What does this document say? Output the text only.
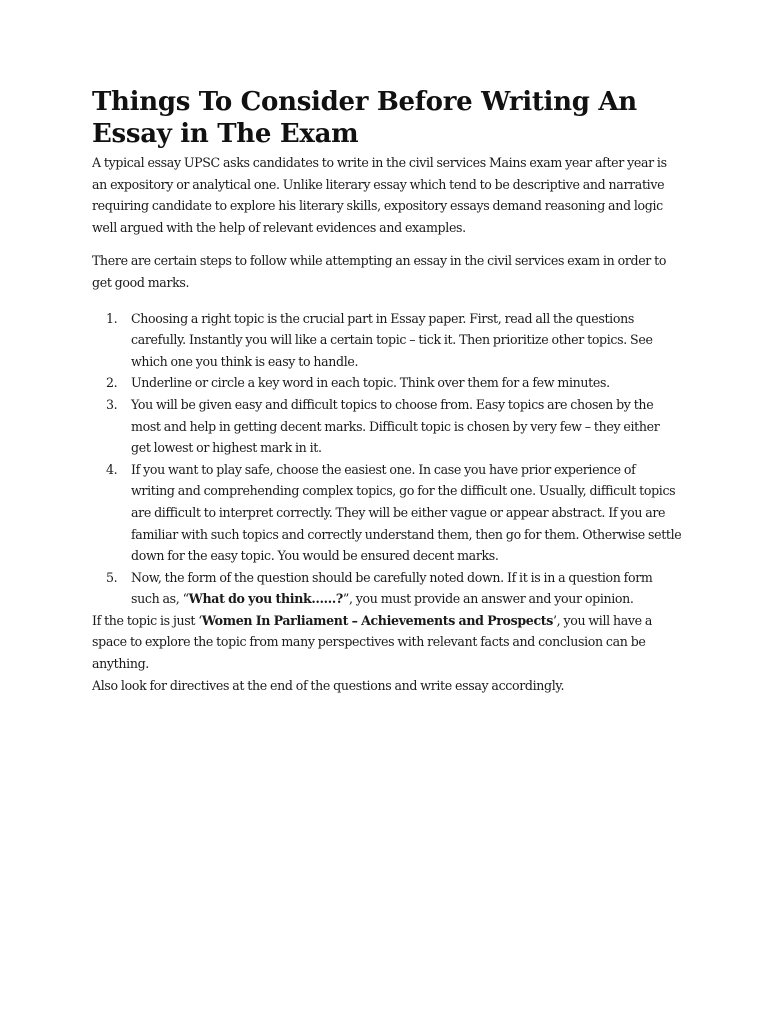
Things To Consider Before Writing An Essay in The Exam

A typical essay UPSC asks candidates to write in the civil services Mains exam year after year is an expository or analytical one. Unlike literary essay which tend to be descriptive and narrative requiring candidate to explore his literary skills, expository essays demand reasoning and logic well argued with the help of relevant evidences and examples.

There are certain steps to follow while attempting an essay in the civil services exam in order to get good marks.

1. Choosing a right topic is the crucial part in Essay paper. First, read all the questions carefully. Instantly you will like a certain topic – tick it. Then prioritize other topics. See which one you think is easy to handle.
2. Underline or circle a key word in each topic. Think over them for a few minutes.
3. You will be given easy and difficult topics to choose from. Easy topics are chosen by the most and help in getting decent marks. Difficult topic is chosen by very few – they either get lowest or highest mark in it.
4. If you want to play safe, choose the easiest one. In case you have prior experience of writing and comprehending complex topics, go for the difficult one. Usually, difficult topics are difficult to interpret correctly. They will be either vague or appear abstract. If you are familiar with such topics and correctly understand them, then go for them. Otherwise settle down for the easy topic. You would be ensured decent marks.
5. Now, the form of the question should be carefully noted down. If it is in a question form such as, “What do you think……?”, you must provide an answer and your opinion.

If the topic is just ‘Women In Parliament – Achievements and Prospects’, you will have a space to explore the topic from many perspectives with relevant facts and conclusion can be anything.

Also look for directives at the end of the questions and write essay accordingly.
